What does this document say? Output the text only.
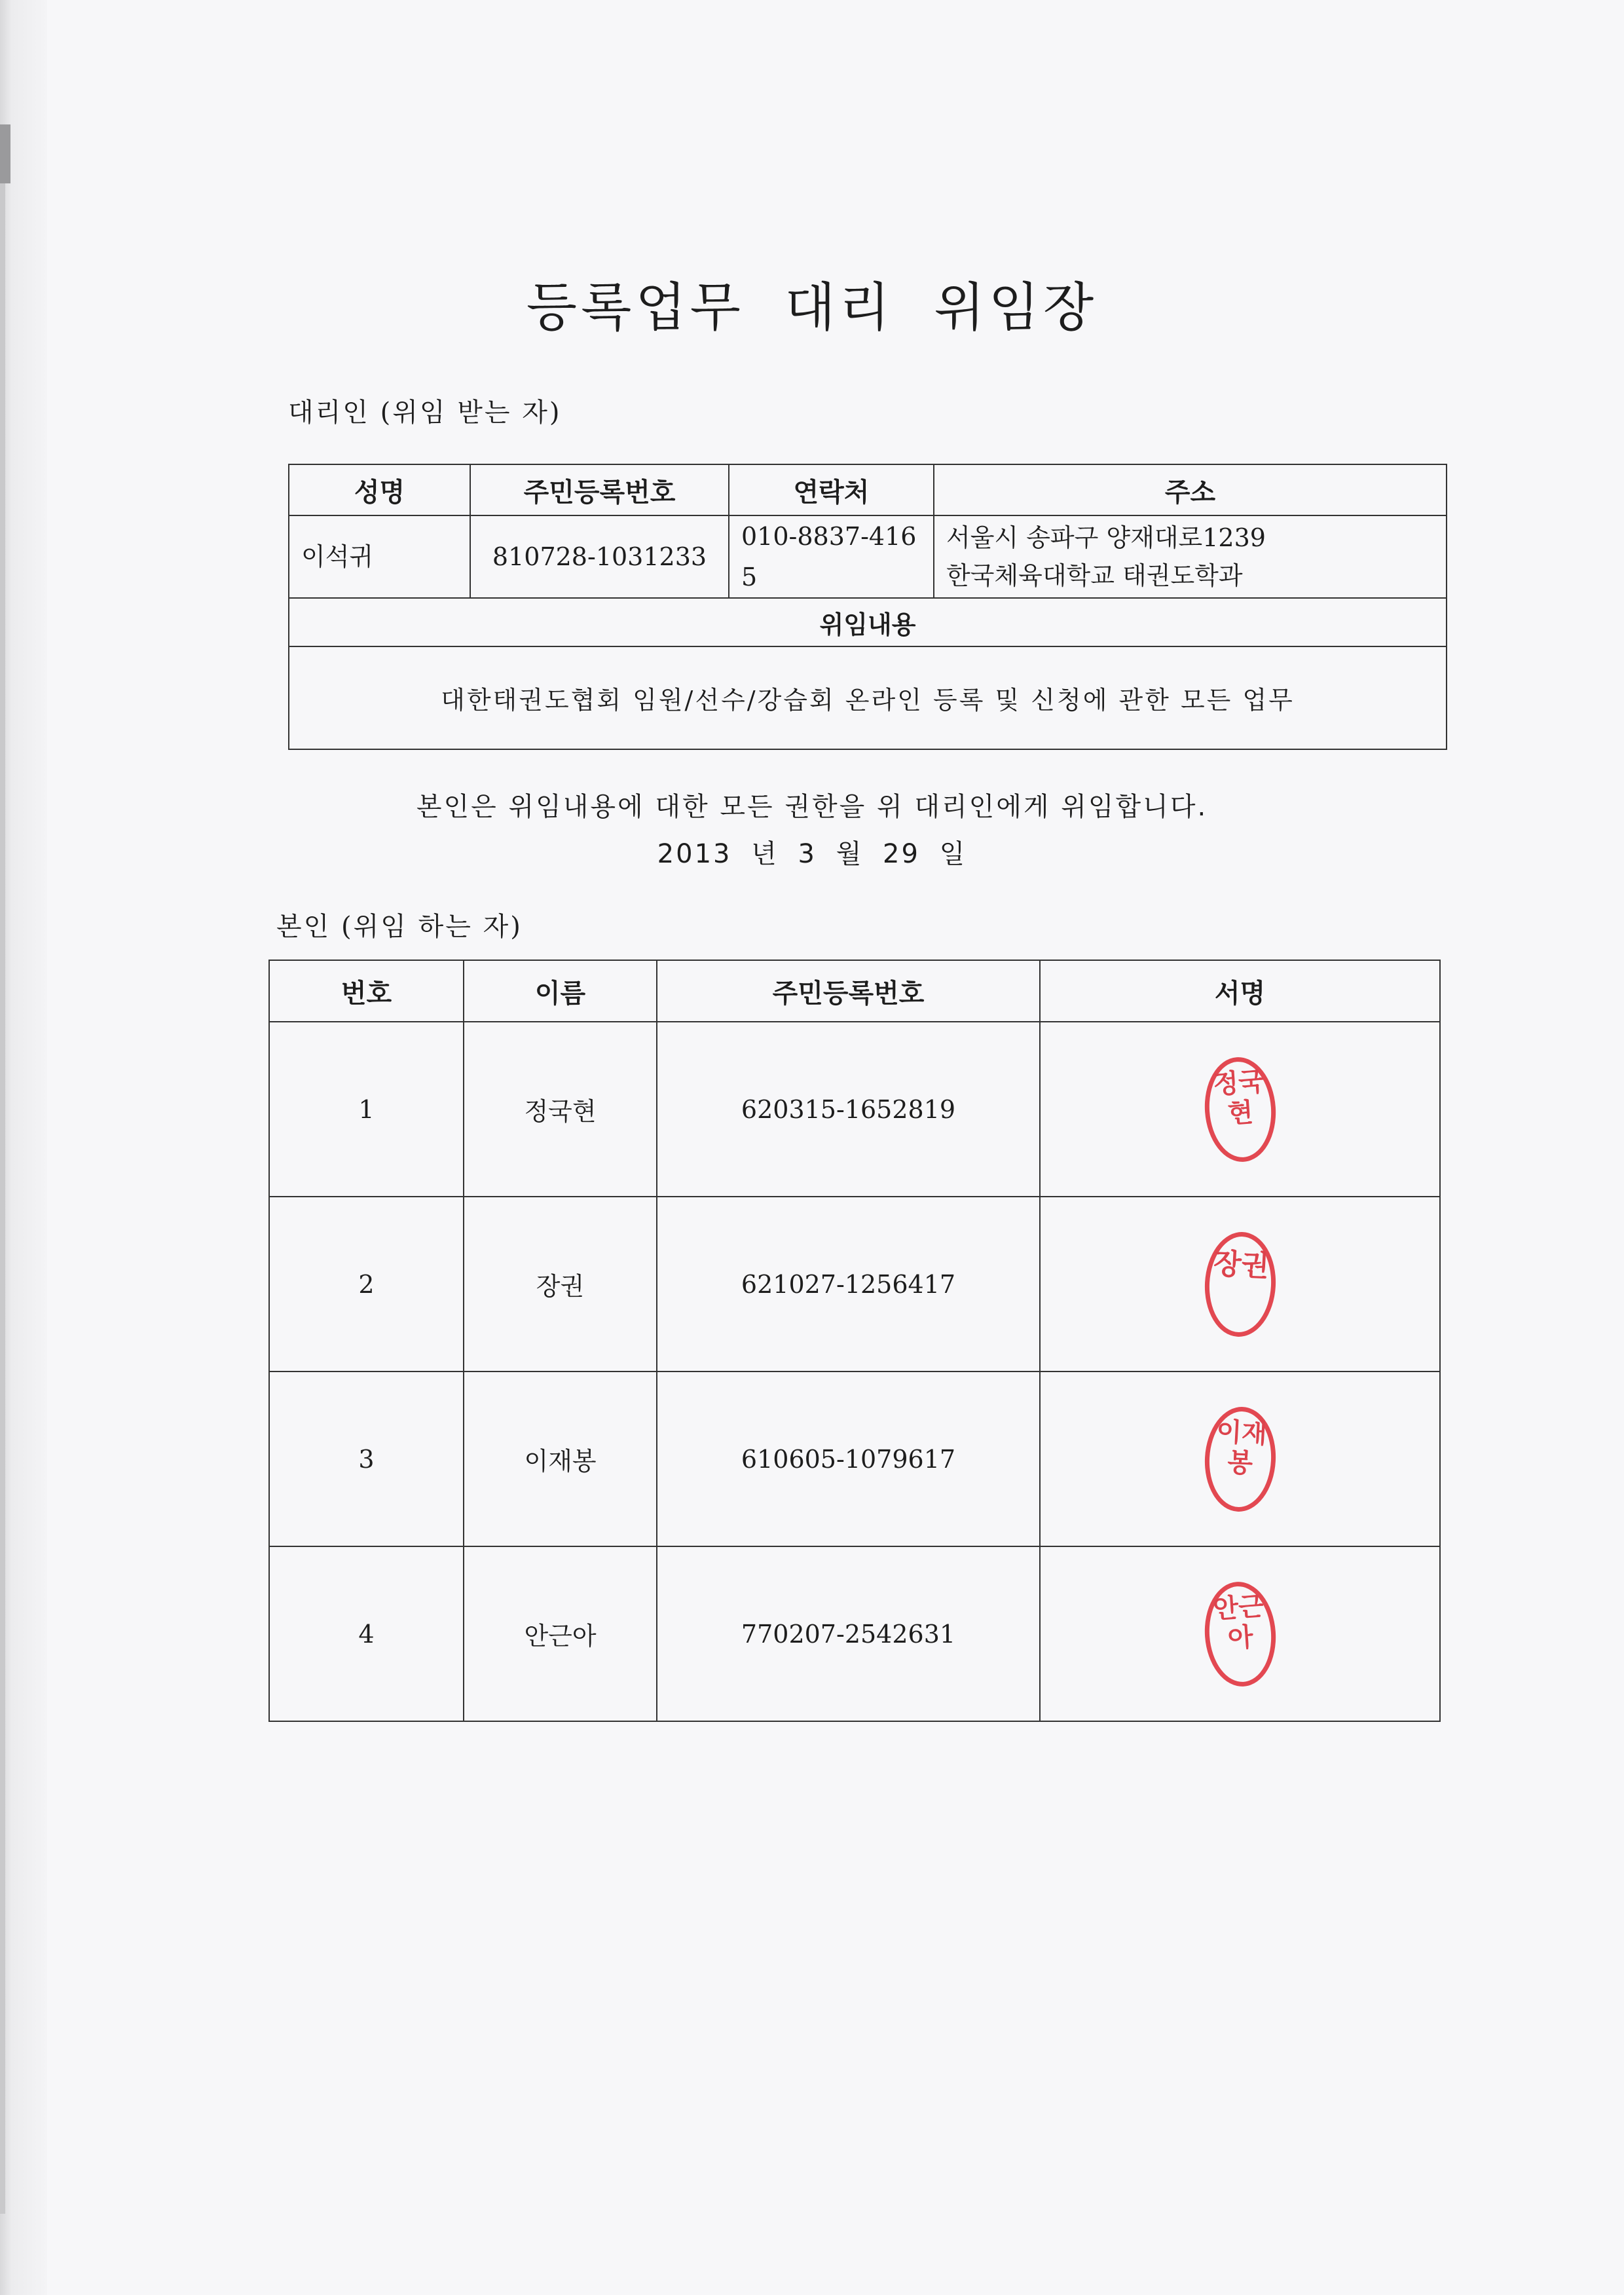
등록업무 대리 위임장
대리인 (위임 받는 자)
성명	주민등록번호	연락처	주소
이석귀	810728-1031233	010-8837-4165	서울시 송파구 양재대로1239
한국체육대학교 태권도학과

위임내용			
대한태권도협회 임원/선수/강습회 온라인 등록 및 신청에 관한 모든 업무			
본인은 위임내용에 대한 모든 권한을 위 대리인에게 위임합니다.
2013 년 3 월 29 일
본인 (위임 하는 자)
번호	이름	주민등록번호	서명
1	정국현	620315-1652819	정국현
2	장권	621027-1256417	장권
3	이재봉	610605-1079617	이재봉
4	안근아	770207-2542631	안근아
